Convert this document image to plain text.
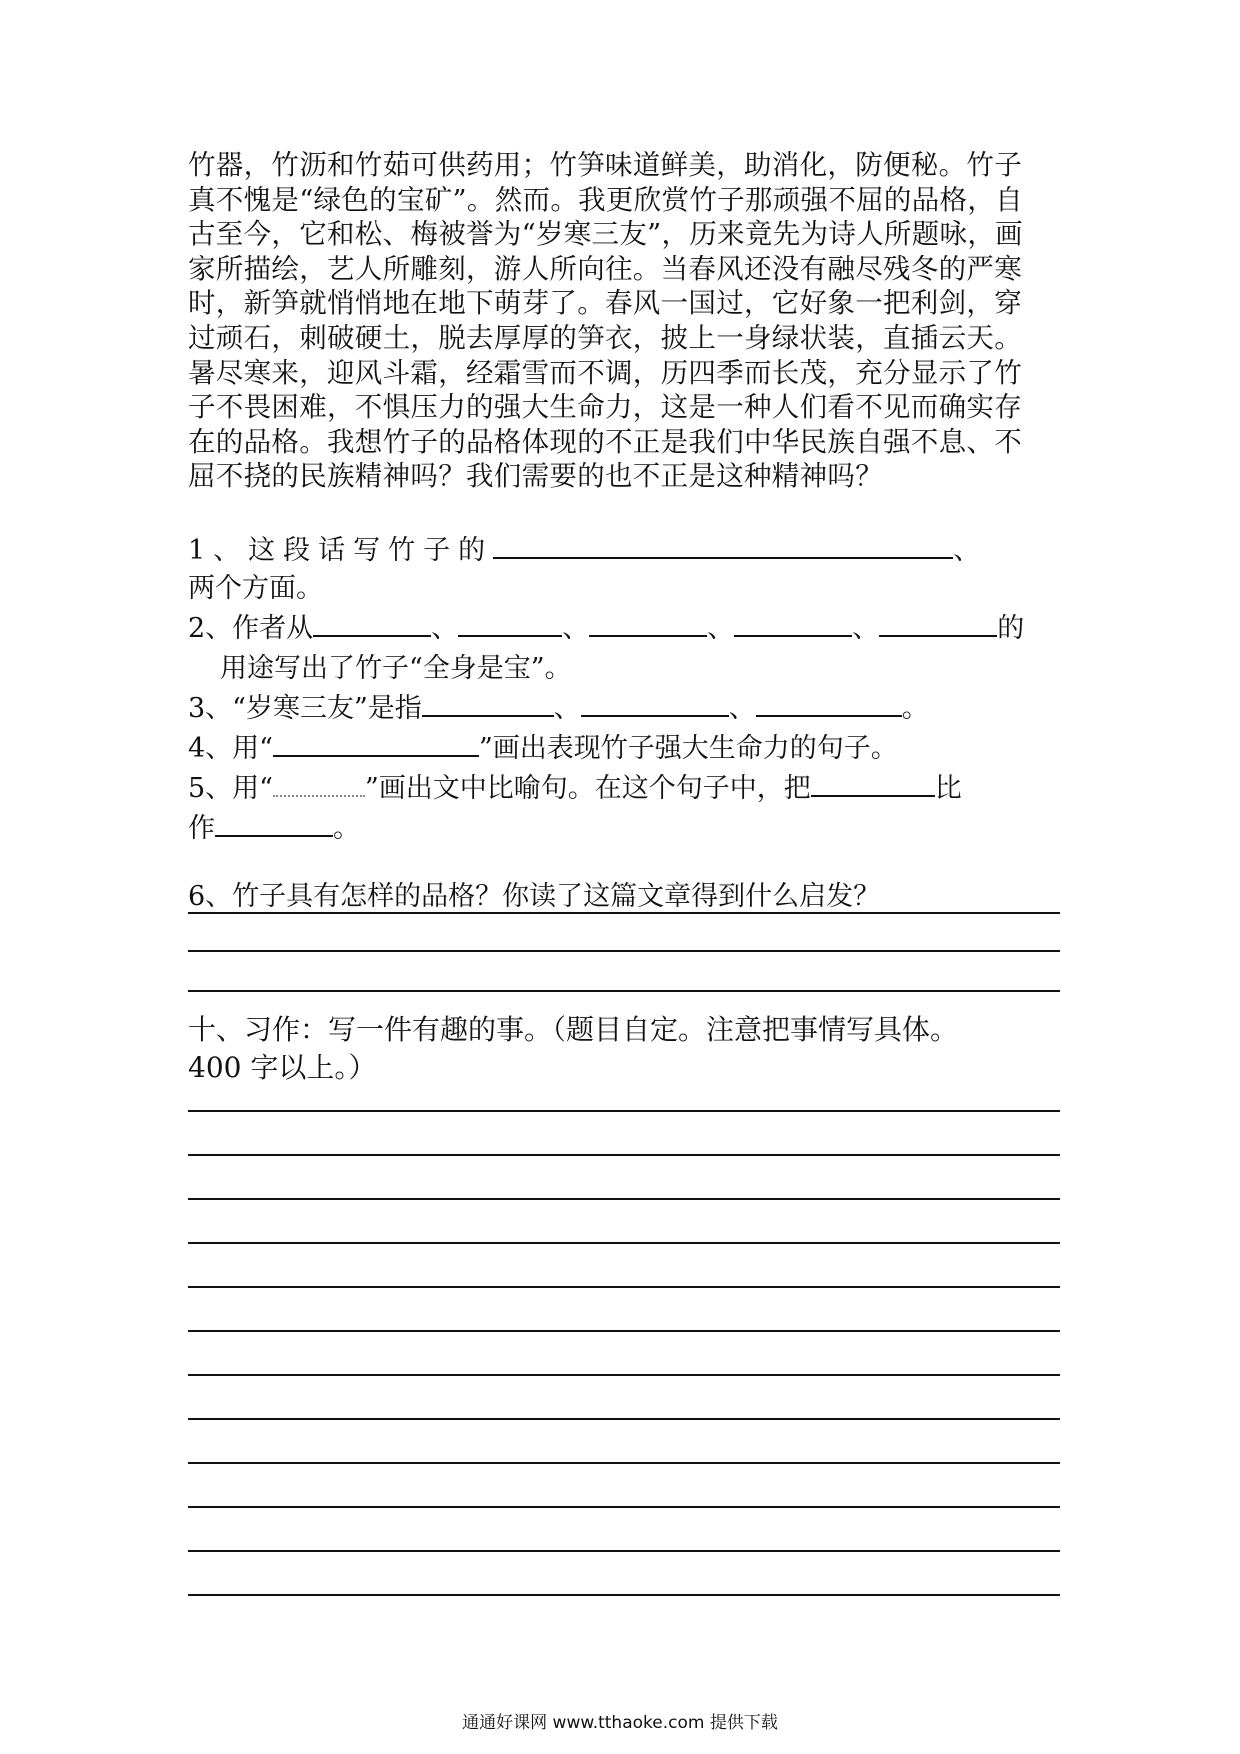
竹器，竹沥和竹茹可供药用；竹笋味道鲜美，助消化，防便秘。竹子
真不愧是“绿色的宝矿”。然而。我更欣赏竹子那顽强不屈的品格，自
古至今，它和松、梅被誉为“岁寒三友”，历来竟先为诗人所题咏，画
家所描绘，艺人所雕刻，游人所向往。当春风还没有融尽残冬的严寒
时，新笋就悄悄地在地下萌芽了。春风一国过，它好象一把利剑，穿
过顽石，刺破硬土，脱去厚厚的笋衣，披上一身绿状装，直插云天。
暑尽寒来，迎风斗霜，经霜雪而不调，历四季而长茂，充分显示了竹
子不畏困难，不惧压力的强大生命力，这是一种人们看不见而确实存
在的品格。我想竹子的品格体现的不正是我们中华民族自强不息、不
屈不挠的民族精神吗？我们需要的也不正是这种精神吗？
1、这段话写竹子的	、
两个方面。
2、作者从	、	、	、	、	的
用途写出了竹子“全身是宝”。
3、“岁寒三友”是指	、	、	。
4、用“	”画出表现竹子强大生命力的句子。
5、用“	”画出文中比喻句。在这个句子中，把	比
作	。
6、竹子具有怎样的品格？你读了这篇文章得到什么启发？
十、习作：写一件有趣的事。（题目自定。注意把事情写具体。
400 字以上。）
通通好课网 www.tthaoke.com 提供下载
